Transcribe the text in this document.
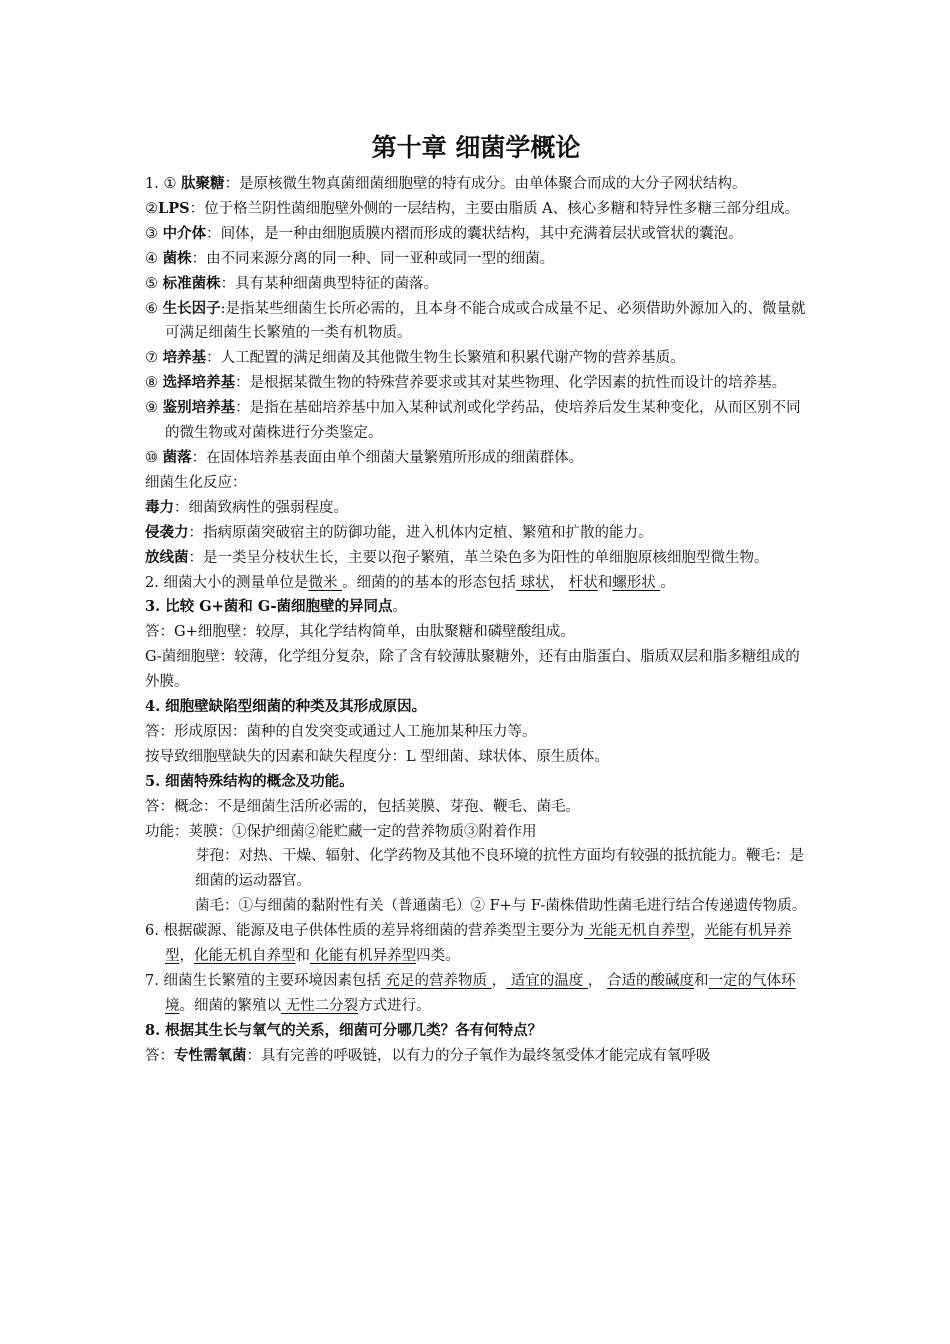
第十章 细菌学概论
1. ① 肽聚糖：是原核微生物真菌细菌细胞壁的特有成分。由单体聚合而成的大分子网状结构。
②LPS：位于格兰阴性菌细胞壁外侧的一层结构，主要由脂质 A、核心多糖和特异性多糖三部分组成。
③ 中介体：间体，是一种由细胞质膜内褶而形成的囊状结构，其中充满着层状或管状的囊泡。
④ 菌株：由不同来源分离的同一种、同一亚种或同一型的细菌。
⑤ 标准菌株：具有某种细菌典型特征的菌落。
⑥ 生长因子:是指某些细菌生长所必需的，且本身不能合成或合成量不足、必须借助外源加入的、微量就可满足细菌生长繁殖的一类有机物质。
⑦ 培养基：人工配置的满足细菌及其他微生物生长繁殖和积累代谢产物的营养基质。
⑧ 选择培养基：是根据某微生物的特殊营养要求或其对某些物理、化学因素的抗性而设计的培养基。
⑨ 鉴别培养基：是指在基础培养基中加入某种试剂或化学药品，使培养后发生某种变化，从而区别不同的微生物或对菌株进行分类鉴定。
⑩ 菌落：在固体培养基表面由单个细菌大量繁殖所形成的细菌群体。
细菌生化反应：
毒力：细菌致病性的强弱程度。
侵袭力：指病原菌突破宿主的防御功能，进入机体内定植、繁殖和扩散的能力。
放线菌：是一类呈分枝状生长，主要以孢子繁殖，革兰染色多为阳性的单细胞原核细胞型微生物。
2. 细菌大小的测量单位是微米 。细菌的的基本的形态包括 球状， 杆状和螺形状 。
3. 比较 G+菌和 G-菌细胞壁的异同点。
答：G+细胞壁：较厚，其化学结构简单，由肽聚糖和磷壁酸组成。
G-菌细胞壁：较薄，化学组分复杂，除了含有较薄肽聚糖外，还有由脂蛋白、脂质双层和脂多糖组成的外膜。
4. 细胞壁缺陷型细菌的种类及其形成原因。
答：形成原因：菌种的自发突变或通过人工施加某种压力等。
按导致细胞壁缺失的因素和缺失程度分：L 型细菌、球状体、原生质体。
5. 细菌特殊结构的概念及功能。
答：概念：不是细菌生活所必需的，包括荚膜、芽孢、鞭毛、菌毛。
功能：荚膜：①保护细菌②能贮藏一定的营养物质③附着作用
芽孢：对热、干燥、辐射、化学药物及其他不良环境的抗性方面均有较强的抵抗能力。鞭毛：是细菌的运动器官。
菌毛：①与细菌的黏附性有关（普通菌毛）② F+与 F-菌株借助性菌毛进行结合传递遗传物质。
6. 根据碳源、能源及电子供体性质的差异将细菌的营养类型主要分为 光能无机自养型，光能有机异养型，化能无机自养型和 化能有机异养型四类。
7. 细菌生长繁殖的主要环境因素包括 充足的营养物质 ， 适宜的温度 ， 合适的酸碱度和一定的气体环境。细菌的繁殖以 无性二分裂方式进行。
8. 根据其生长与氧气的关系，细菌可分哪几类？各有何特点？
答：专性需氧菌：具有完善的呼吸链，以有力的分子氧作为最终氢受体才能完成有氧呼吸
